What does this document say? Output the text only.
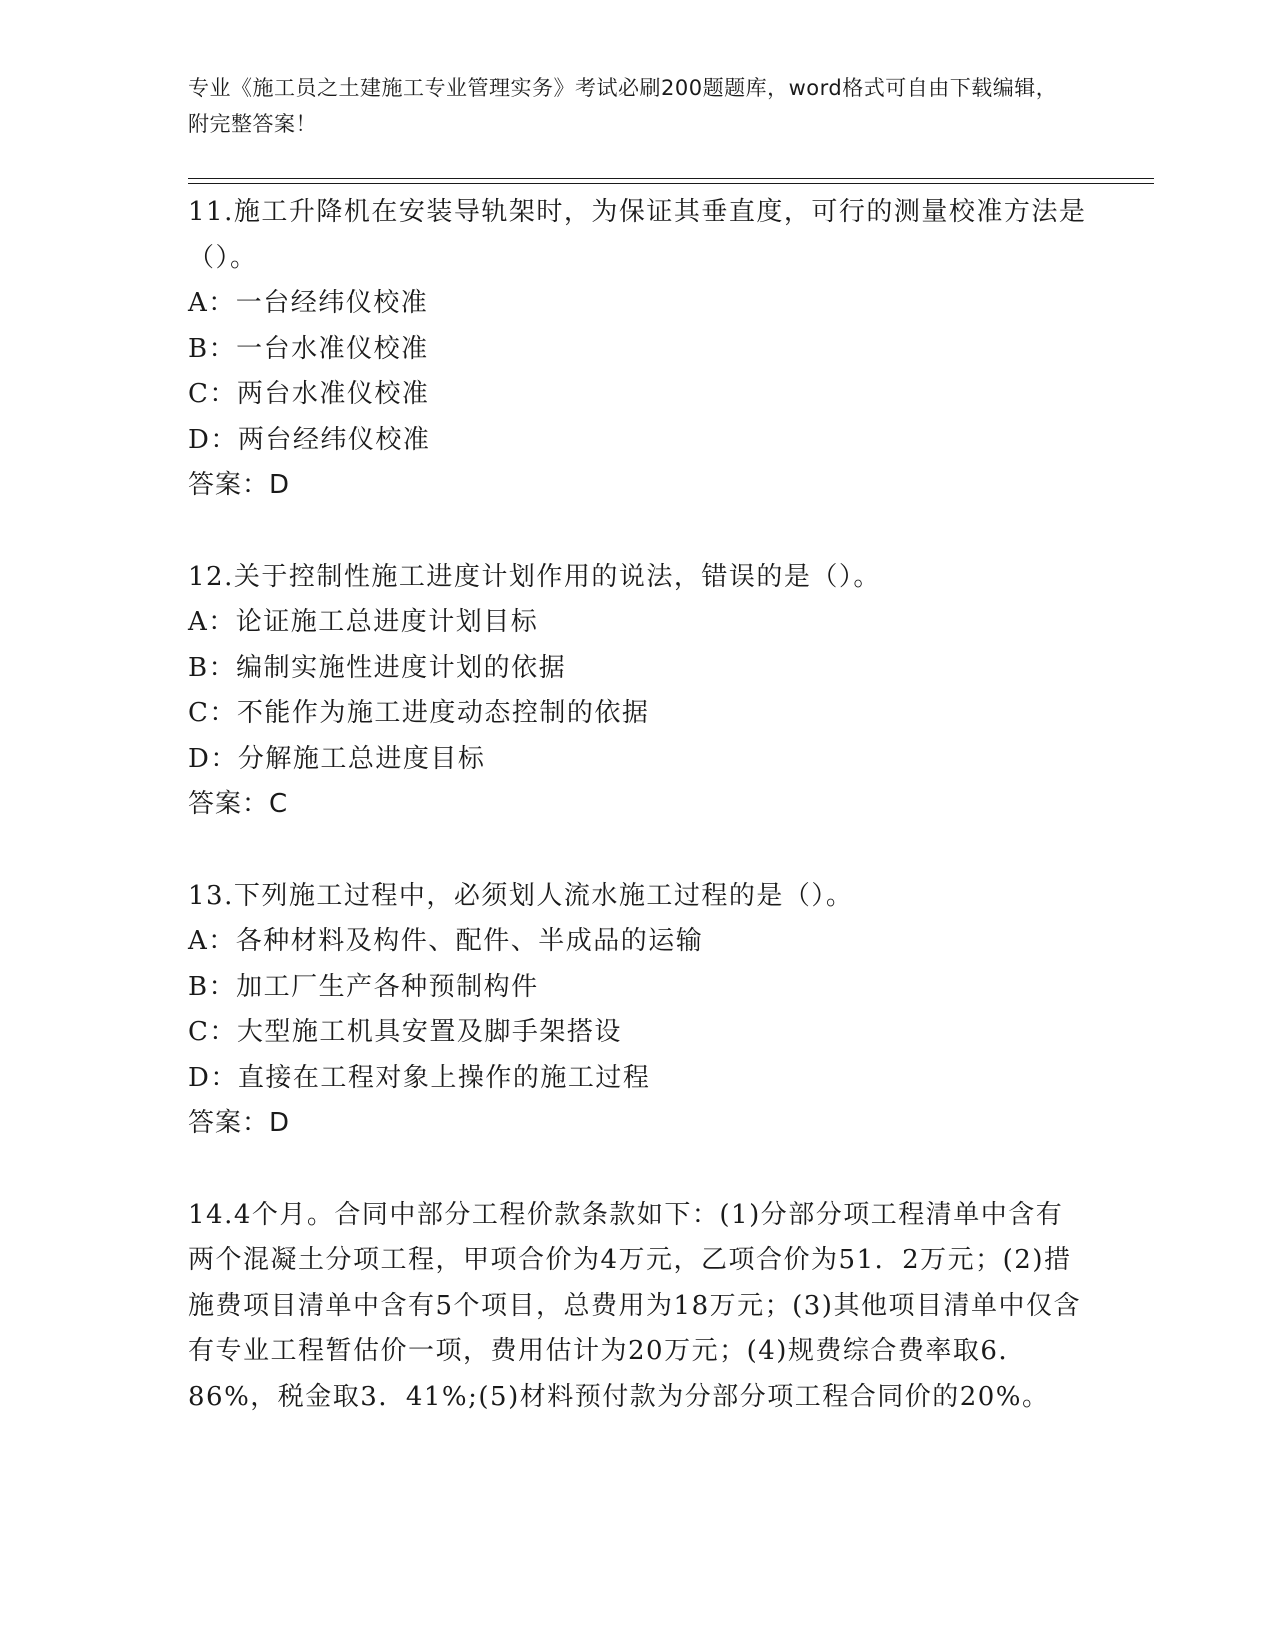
专业《施工员之土建施工专业管理实务》考试必刷200题题库，word格式可自由下载编辑，附完整答案！

11.施工升降机在安装导轨架时，为保证其垂直度，可行的测量校准方法是（）。

A：一台经纬仪校准

B：一台水准仪校准

C：两台水准仪校准

D：两台经纬仪校准

答案：D

12.关于控制性施工进度计划作用的说法，错误的是（）。

A：论证施工总进度计划目标

B：编制实施性进度计划的依据

C：不能作为施工进度动态控制的依据

D：分解施工总进度目标

答案：C

13.下列施工过程中，必须划人流水施工过程的是（）。

A：各种材料及构件、配件、半成品的运输

B：加工厂生产各种预制构件

C：大型施工机具安置及脚手架搭设

D：直接在工程对象上操作的施工过程

答案：D

14.4个月。合同中部分工程价款条款如下：(1)分部分项工程清单中含有两个混凝土分项工程，甲项合价为4万元，乙项合价为51．2万元；(2)措施费项目清单中含有5个项目，总费用为18万元；(3)其他项目清单中仅含有专业工程暂估价一项，费用估计为20万元；(4)规费综合费率取6．86%，税金取3．41%;(5)材料预付款为分部分项工程合同价的20%。
